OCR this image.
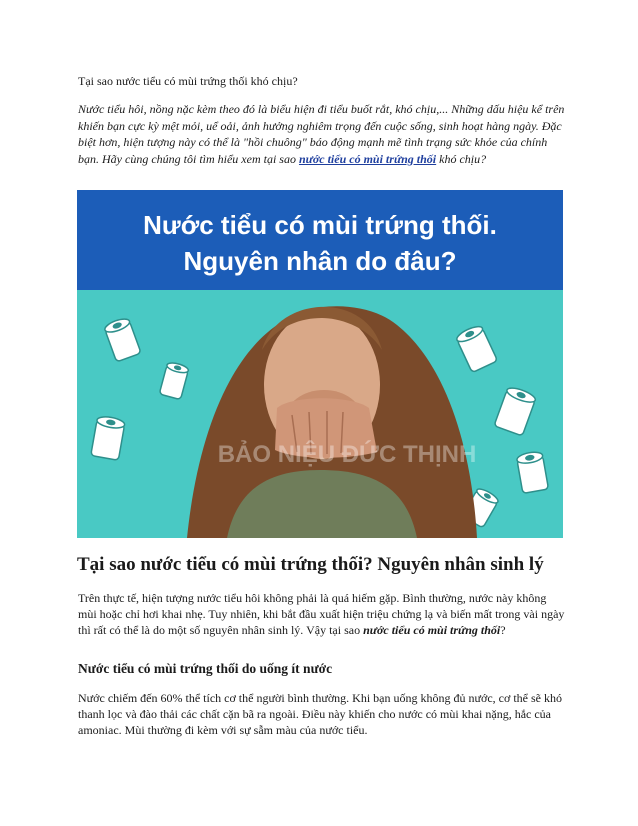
Tại sao nước tiểu có mùi trứng thối khó chịu?

Nước tiểu hôi, nồng nặc kèm theo đó là biểu hiện đi tiểu buốt rắt, khó chịu,... Những dấu hiệu kể trên khiến bạn cực kỳ mệt mỏi, uể oải, ảnh hưởng nghiêm trọng đến cuộc sống, sinh hoạt hàng ngày. Đặc biệt hơn, hiện tượng này có thể là "hồi chuông" báo động mạnh mẽ tình trạng sức khỏe của chính bạn. Hãy cùng chúng tôi tìm hiểu xem tại sao nước tiểu có mùi trứng thối khó chịu?

Nước tiểu có mùi trứng thối.
Nguyên nhân do đâu?
BẢO NIỆU ĐỨC THỊNH
Tại sao nước tiểu có mùi trứng thối? Nguyên nhân sinh lý

Trên thực tế, hiện tượng nước tiểu hôi không phải là quá hiếm gặp. Bình thường, nước này không mùi hoặc chỉ hơi khai nhẹ. Tuy nhiên, khi bắt đầu xuất hiện triệu chứng lạ và biến mất trong vài ngày thì rất có thể là do một số nguyên nhân sinh lý. Vậy tại sao nước tiểu có mùi trứng thối?

Nước tiểu có mùi trứng thối do uống ít nước

Nước chiếm đến 60% thể tích cơ thể người bình thường. Khi bạn uống không đủ nước, cơ thể sẽ khó thanh lọc và đào thải các chất cặn bã ra ngoài. Điều này khiến cho nước có mùi khai nặng, hắc của amoniac. Mùi thường đi kèm với sự sẫm màu của nước tiểu.
